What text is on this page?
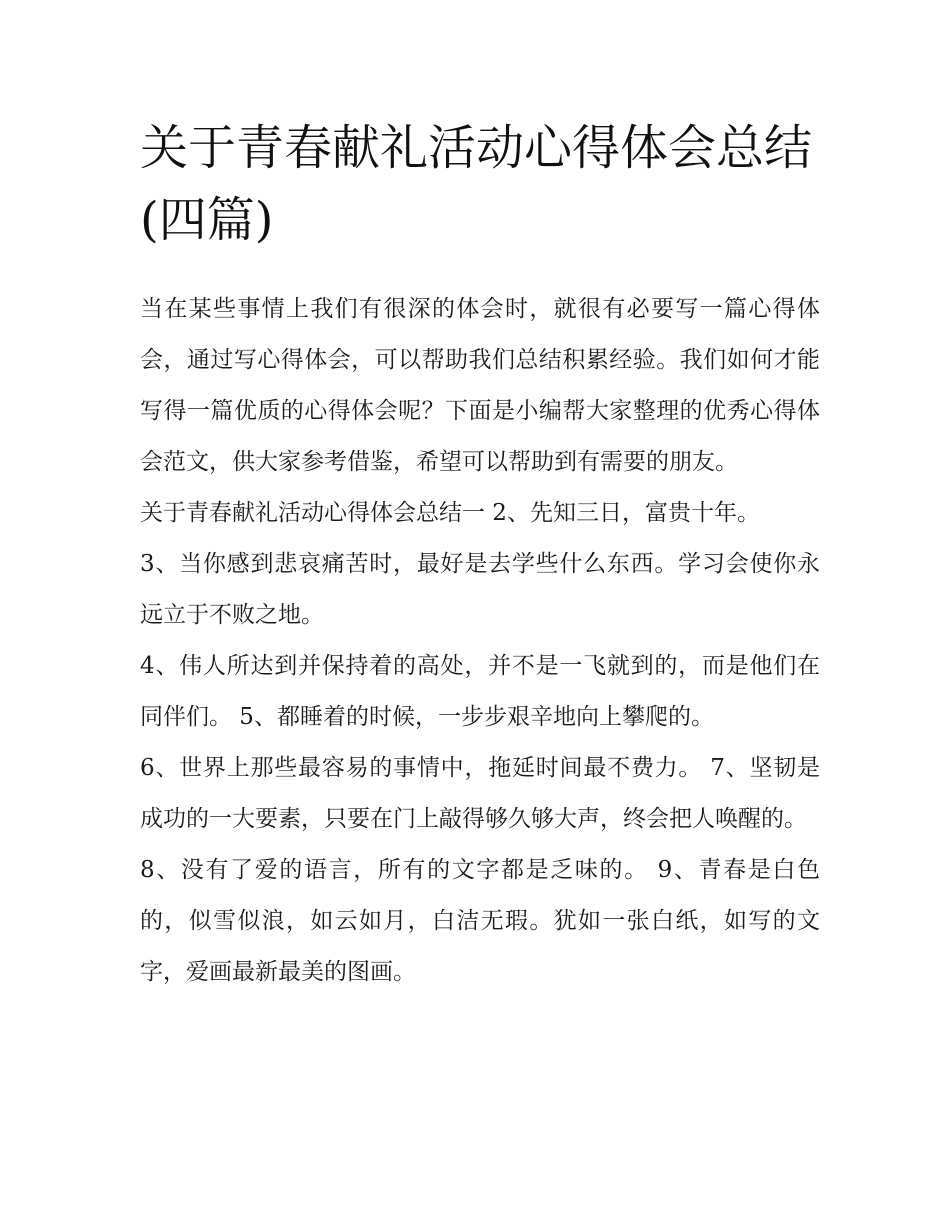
关于青春献礼活动心得体会总结(四篇)

当在某些事情上我们有很深的体会时，就很有必要写一篇心得体会，通过写心得体会，可以帮助我们总结积累经验。我们如何才能写得一篇优质的心得体会呢？下面是小编帮大家整理的优秀心得体会范文，供大家参考借鉴，希望可以帮助到有需要的朋友。

关于青春献礼活动心得体会总结一 2、先知三日，富贵十年。

3、当你感到悲哀痛苦时，最好是去学些什么东西。学习会使你永远立于不败之地。

4、伟人所达到并保持着的高处，并不是一飞就到的，而是他们在同伴们。 5、都睡着的时候，一步步艰辛地向上攀爬的。

6、世界上那些最容易的事情中，拖延时间最不费力。 7、坚韧是成功的一大要素，只要在门上敲得够久够大声，终会把人唤醒的。

8、没有了爱的语言，所有的文字都是乏味的。 9、青春是白色的，似雪似浪，如云如月，白洁无瑕。犹如一张白纸，如写的文字，爱画最新最美的图画。
